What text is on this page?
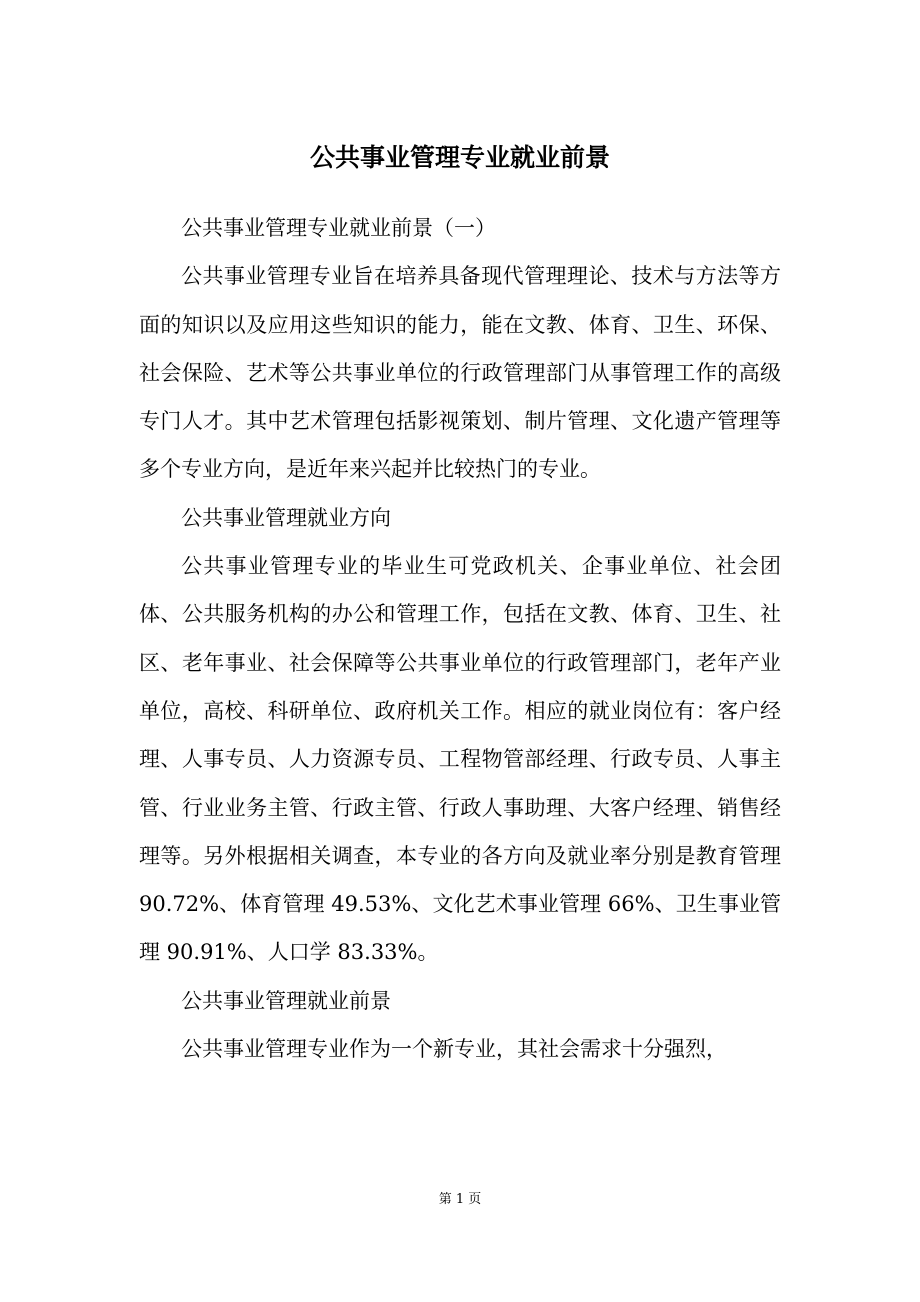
公共事业管理专业就业前景

公共事业管理专业就业前景（一）

公共事业管理专业旨在培养具备现代管理理论、技术与方法等方面的知识以及应用这些知识的能力，能在文教、体育、卫生、环保、社会保险、艺术等公共事业单位的行政管理部门从事管理工作的高级专门人才。其中艺术管理包括影视策划、制片管理、文化遗产管理等多个专业方向，是近年来兴起并比较热门的专业。

公共事业管理就业方向

公共事业管理专业的毕业生可党政机关、企事业单位、社会团体、公共服务机构的办公和管理工作，包括在文教、体育、卫生、社区、老年事业、社会保障等公共事业单位的行政管理部门，老年产业单位，高校、科研单位、政府机关工作。相应的就业岗位有：客户经理、人事专员、人力资源专员、工程物管部经理、行政专员、人事主管、行业业务主管、行政主管、行政人事助理、大客户经理、销售经理等。另外根据相关调查，本专业的各方向及就业率分别是教育管理 90.72%、体育管理 49.53%、文化艺术事业管理 66%、卫生事业管理 90.91%、人口学 83.33%。

公共事业管理就业前景

公共事业管理专业作为一个新专业，其社会需求十分强烈，

第 1 页
